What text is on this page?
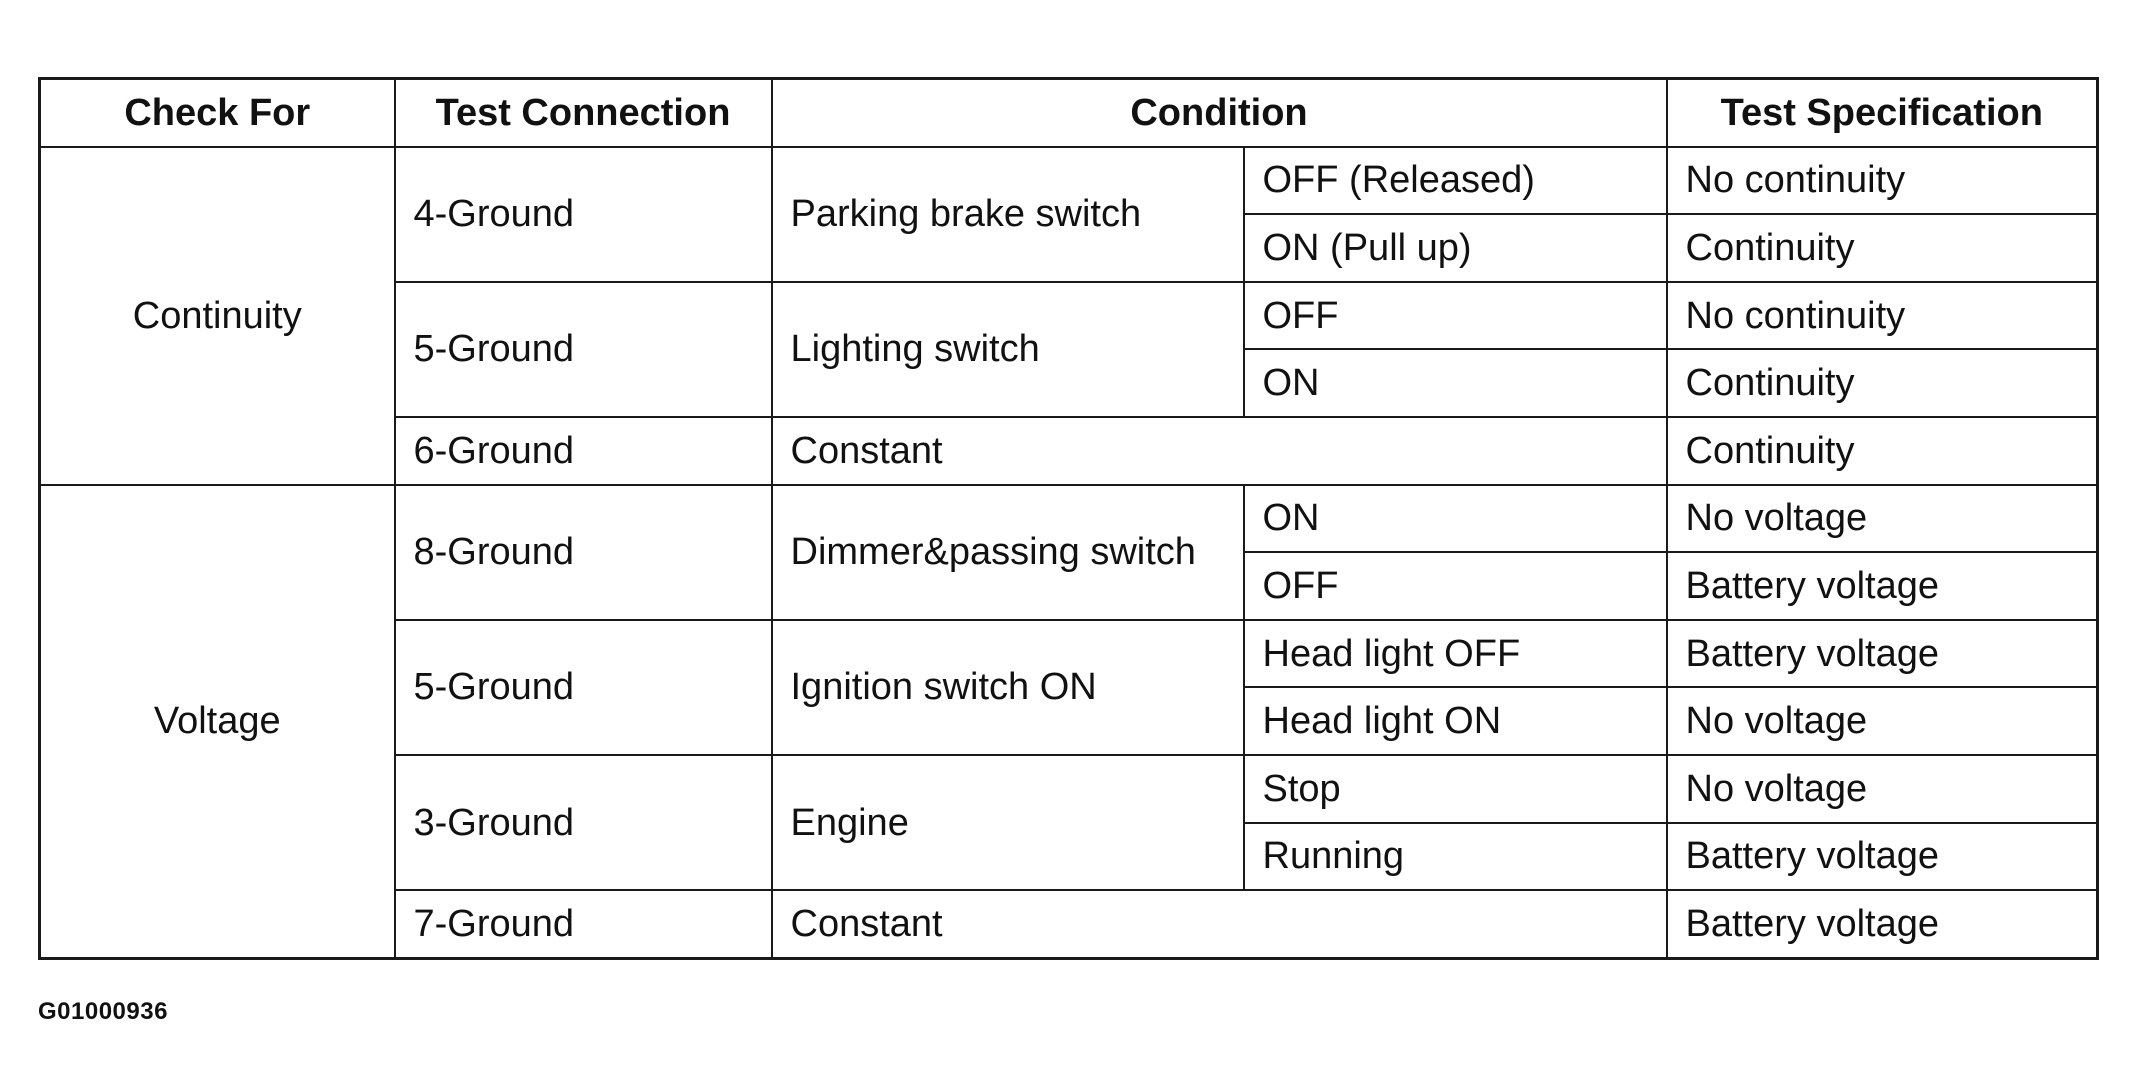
Check For	Test Connection	Condition		Test Specification
Continuity	4-Ground	Parking brake switch	OFF (Released)	No continuity
			ON (Pull up)	Continuity
	5-Ground	Lighting switch	OFF	No continuity
			ON	Continuity
	6-Ground	Constant		Continuity
Voltage	8-Ground	Dimmer&passing switch	ON	No voltage
			OFF	Battery voltage
	5-Ground	Ignition switch ON	Head light OFF	Battery voltage
			Head light ON	No voltage
	3-Ground	Engine	Stop	No voltage
			Running	Battery voltage
	7-Ground	Constant		Battery voltage
G01000936
